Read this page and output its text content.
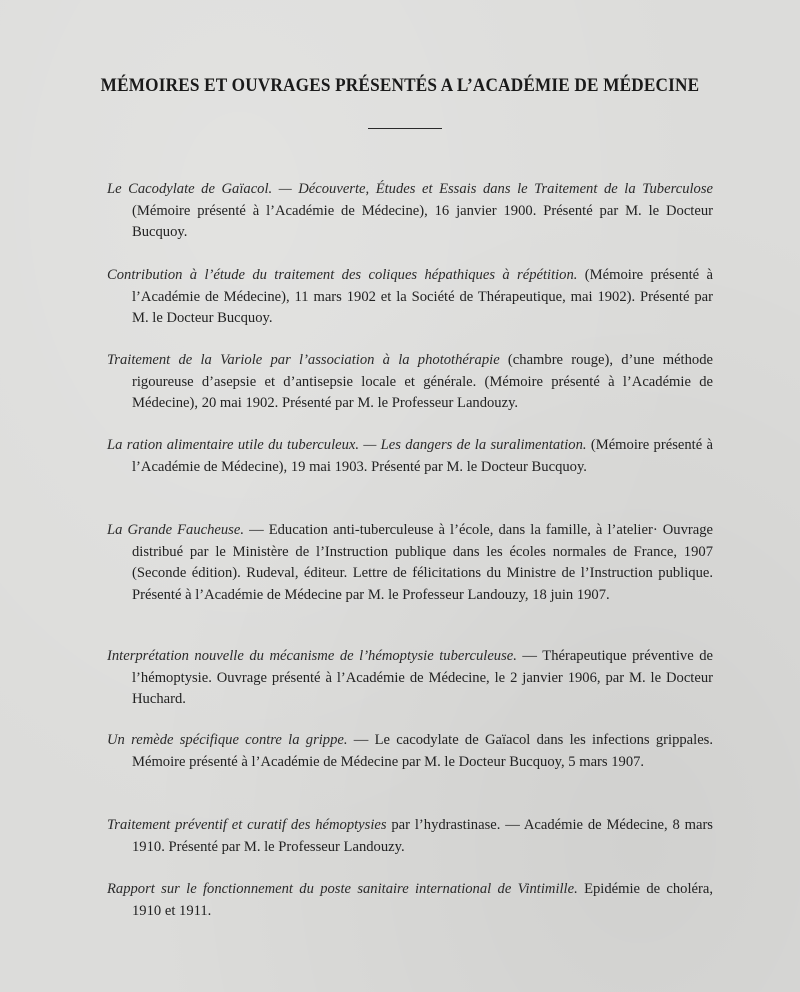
MÉMOIRES ET OUVRAGES PRÉSENTÉS A L’ACADÉMIE DE MÉDECINE

Le Cacodylate de Gaïacol. — Découverte, Études et Essais dans le Traitement de la Tuberculose (Mémoire présenté à l’Académie de Médecine), 16 janvier 1900. Présenté par M. le Docteur Bucquoy.

Contribution à l’étude du traitement des coliques hépathiques à répétition. (Mémoire présenté à l’Académie de Médecine), 11 mars 1902 et la Société de Thérapeutique, mai 1902). Présenté par M. le Docteur Bucquoy.

Traitement de la Variole par l’association à la photothérapie (chambre rouge), d’une méthode rigoureuse d’asepsie et d’antisepsie locale et générale. (Mémoire présenté à l’Académie de Médecine), 20 mai 1902. Présenté par M. le Professeur Landouzy.

La ration alimentaire utile du tuberculeux. — Les dangers de la suralimentation. (Mémoire présenté à l’Académie de Médecine), 19 mai 1903. Présenté par M. le Docteur Bucquoy.

La Grande Faucheuse. — Education anti-tuberculeuse à l’école, dans la famille, à l’atelier· Ouvrage distribué par le Ministère de l’Instruction publique dans les écoles normales de France, 1907 (Seconde édition). Rudeval, éditeur. Lettre de félicitations du Ministre de l’Instruction publique. Présenté à l’Académie de Médecine par M. le Professeur Landouzy, 18 juin 1907.

Interprétation nouvelle du mécanisme de l’hémoptysie tuberculeuse. — Thérapeutique préventive de l’hémoptysie. Ouvrage présenté à l’Académie de Médecine, le 2 janvier 1906, par M. le Docteur Huchard.

Un remède spécifique contre la grippe. — Le cacodylate de Gaïacol dans les infections grippales. Mémoire présenté à l’Académie de Médecine par M. le Docteur Bucquoy, 5 mars 1907.

Traitement préventif et curatif des hémoptysies par l’hydrastinase. — Académie de Médecine, 8 mars 1910. Présenté par M. le Professeur Landouzy.

Rapport sur le fonctionnement du poste sanitaire international de Vintimille. Epidémie de choléra, 1910 et 1911.
